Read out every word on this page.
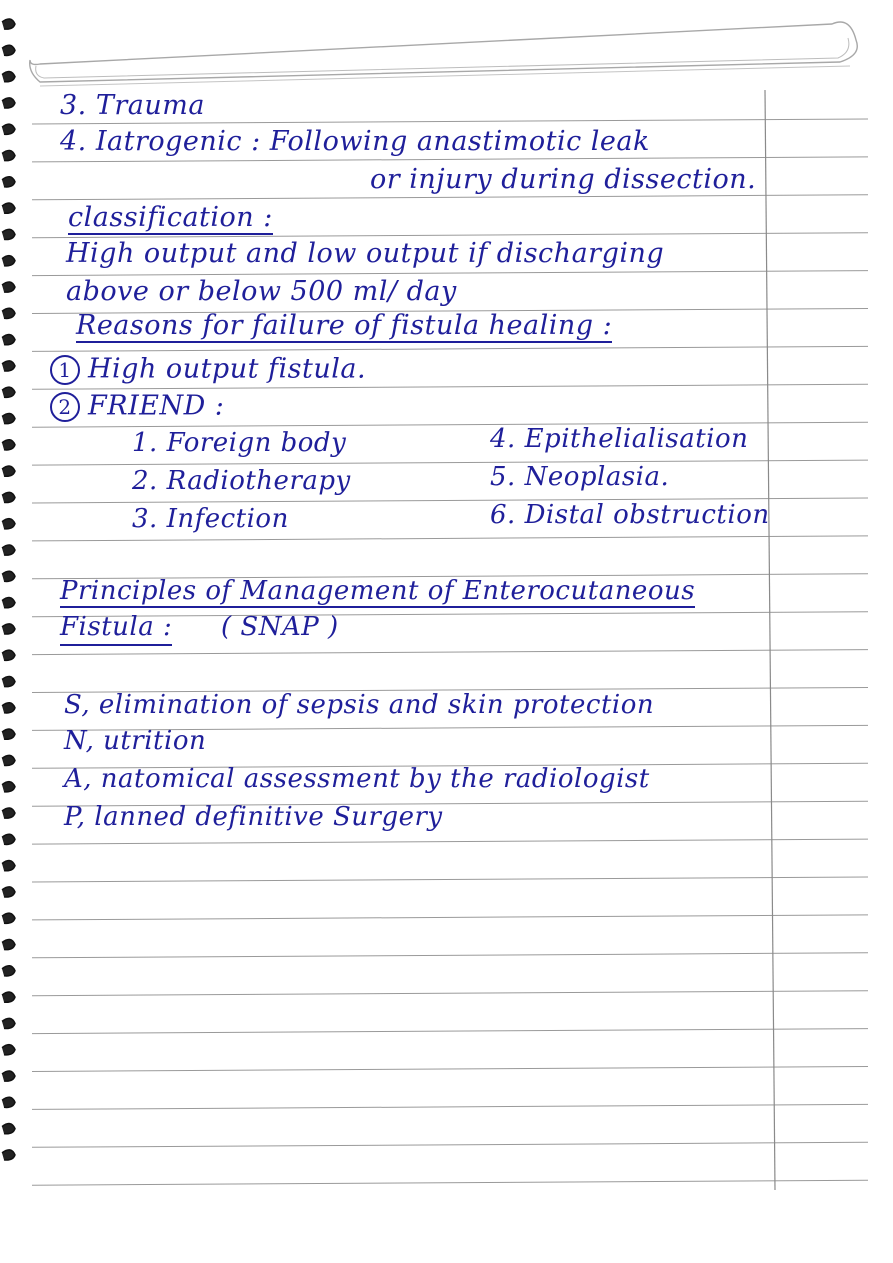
3. Trauma
4. Iatrogenic : Following anastimotic leak
or injury during dissection.
classification :
High output and low output if discharging
above or below 500 ml/ day
Reasons for failure of fistula healing :
1 High output fistula.
2 FRIEND :
1. Foreign body
2. Radiotherapy
3. Infection
4. Epithelialisation
5. Neoplasia.
6. Distal obstruction
Principles of Management of Enterocutaneous
Fistula : ( SNAP )
S, elimination of sepsis and skin protection
N, utrition
A, natomical assessment by the radiologist
P, lanned definitive Surgery
